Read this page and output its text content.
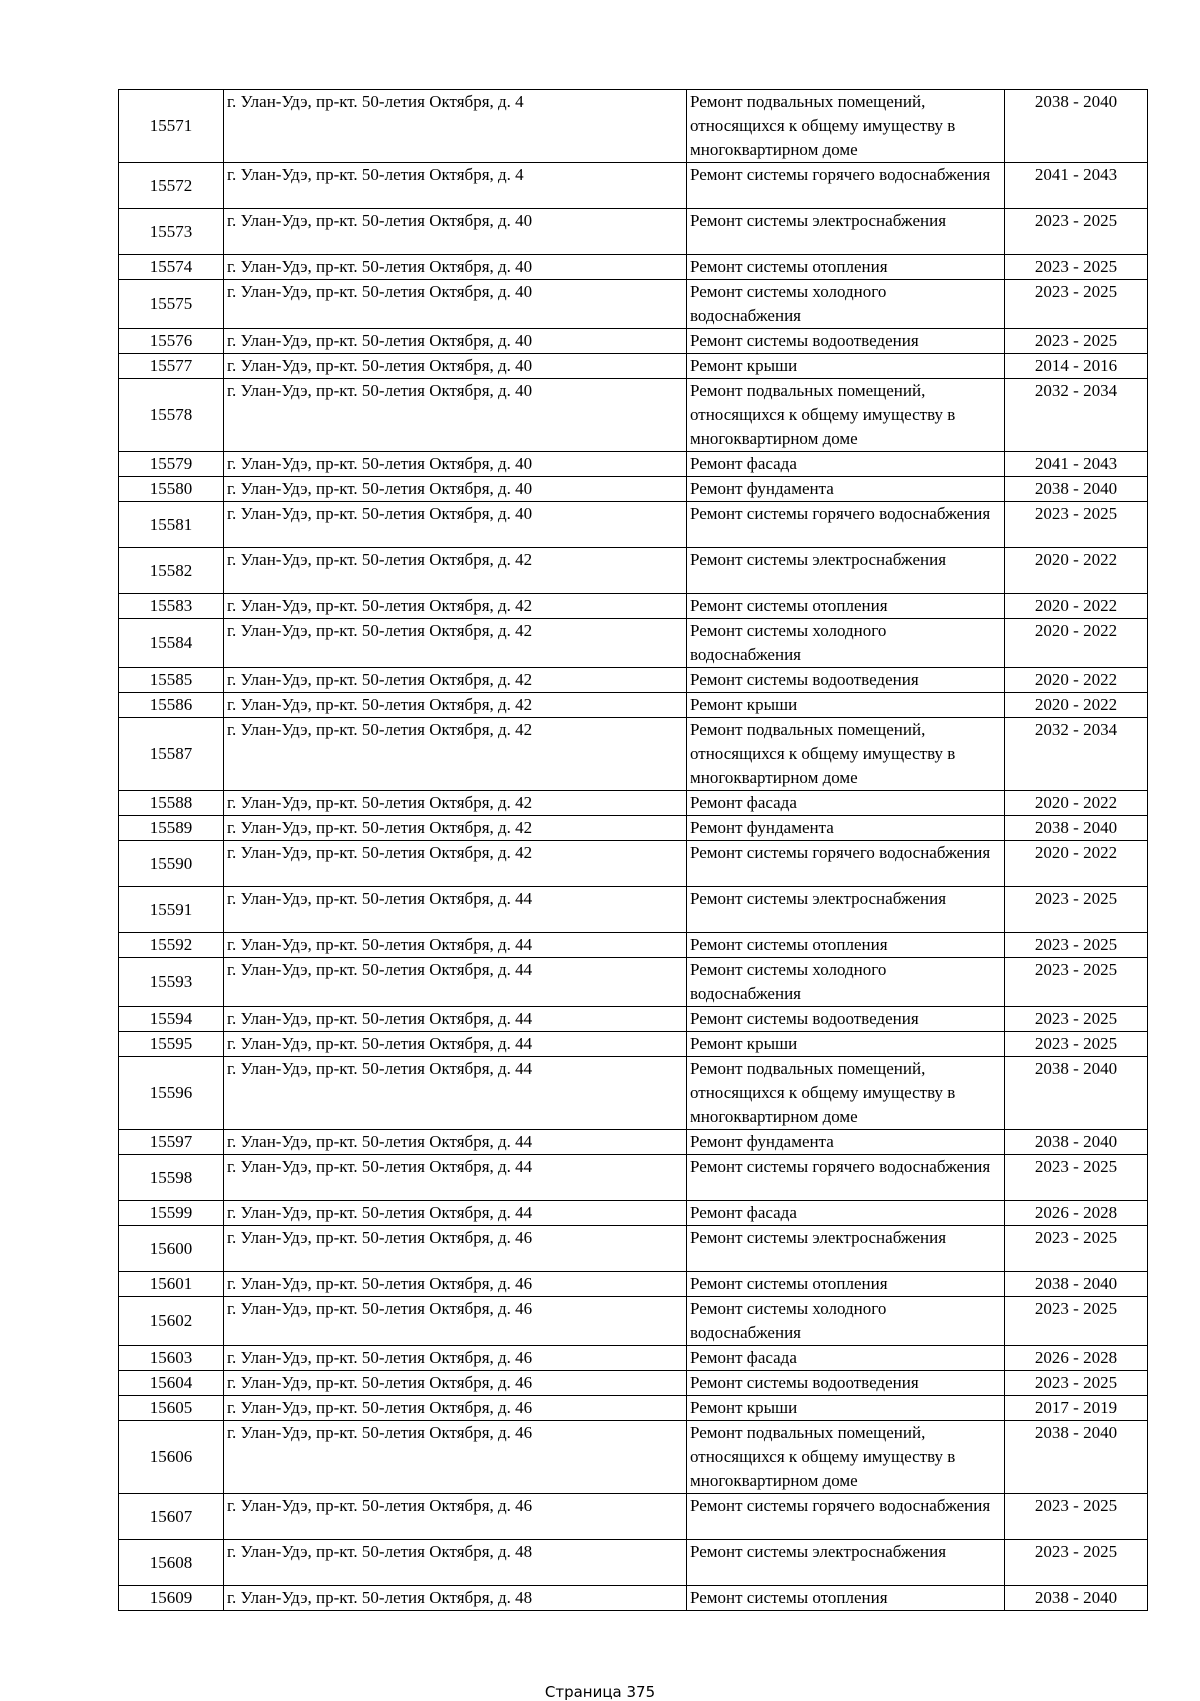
15571	г. Улан-Удэ, пр-кт. 50-летия Октября, д. 4	Ремонт подвальных помещений, относящихся к общему имуществу в многоквартирном доме	2038 - 2040
15572	г. Улан-Удэ, пр-кт. 50-летия Октября, д. 4	Ремонт системы горячего водоснабжения	2041 - 2043
15573	г. Улан-Удэ, пр-кт. 50-летия Октября, д. 40	Ремонт системы электроснабжения	2023 - 2025
15574	г. Улан-Удэ, пр-кт. 50-летия Октября, д. 40	Ремонт системы отопления	2023 - 2025
15575	г. Улан-Удэ, пр-кт. 50-летия Октября, д. 40	Ремонт системы холодного водоснабжения	2023 - 2025
15576	г. Улан-Удэ, пр-кт. 50-летия Октября, д. 40	Ремонт системы водоотведения	2023 - 2025
15577	г. Улан-Удэ, пр-кт. 50-летия Октября, д. 40	Ремонт крыши	2014 - 2016
15578	г. Улан-Удэ, пр-кт. 50-летия Октября, д. 40	Ремонт подвальных помещений, относящихся к общему имуществу в многоквартирном доме	2032 - 2034
15579	г. Улан-Удэ, пр-кт. 50-летия Октября, д. 40	Ремонт фасада	2041 - 2043
15580	г. Улан-Удэ, пр-кт. 50-летия Октября, д. 40	Ремонт фундамента	2038 - 2040
15581	г. Улан-Удэ, пр-кт. 50-летия Октября, д. 40	Ремонт системы горячего водоснабжения	2023 - 2025
15582	г. Улан-Удэ, пр-кт. 50-летия Октября, д. 42	Ремонт системы электроснабжения	2020 - 2022
15583	г. Улан-Удэ, пр-кт. 50-летия Октября, д. 42	Ремонт системы отопления	2020 - 2022
15584	г. Улан-Удэ, пр-кт. 50-летия Октября, д. 42	Ремонт системы холодного водоснабжения	2020 - 2022
15585	г. Улан-Удэ, пр-кт. 50-летия Октября, д. 42	Ремонт системы водоотведения	2020 - 2022
15586	г. Улан-Удэ, пр-кт. 50-летия Октября, д. 42	Ремонт крыши	2020 - 2022
15587	г. Улан-Удэ, пр-кт. 50-летия Октября, д. 42	Ремонт подвальных помещений, относящихся к общему имуществу в многоквартирном доме	2032 - 2034
15588	г. Улан-Удэ, пр-кт. 50-летия Октября, д. 42	Ремонт фасада	2020 - 2022
15589	г. Улан-Удэ, пр-кт. 50-летия Октября, д. 42	Ремонт фундамента	2038 - 2040
15590	г. Улан-Удэ, пр-кт. 50-летия Октября, д. 42	Ремонт системы горячего водоснабжения	2020 - 2022
15591	г. Улан-Удэ, пр-кт. 50-летия Октября, д. 44	Ремонт системы электроснабжения	2023 - 2025
15592	г. Улан-Удэ, пр-кт. 50-летия Октября, д. 44	Ремонт системы отопления	2023 - 2025
15593	г. Улан-Удэ, пр-кт. 50-летия Октября, д. 44	Ремонт системы холодного водоснабжения	2023 - 2025
15594	г. Улан-Удэ, пр-кт. 50-летия Октября, д. 44	Ремонт системы водоотведения	2023 - 2025
15595	г. Улан-Удэ, пр-кт. 50-летия Октября, д. 44	Ремонт крыши	2023 - 2025
15596	г. Улан-Удэ, пр-кт. 50-летия Октября, д. 44	Ремонт подвальных помещений, относящихся к общему имуществу в многоквартирном доме	2038 - 2040
15597	г. Улан-Удэ, пр-кт. 50-летия Октября, д. 44	Ремонт фундамента	2038 - 2040
15598	г. Улан-Удэ, пр-кт. 50-летия Октября, д. 44	Ремонт системы горячего водоснабжения	2023 - 2025
15599	г. Улан-Удэ, пр-кт. 50-летия Октября, д. 44	Ремонт фасада	2026 - 2028
15600	г. Улан-Удэ, пр-кт. 50-летия Октября, д. 46	Ремонт системы электроснабжения	2023 - 2025
15601	г. Улан-Удэ, пр-кт. 50-летия Октября, д. 46	Ремонт системы отопления	2038 - 2040
15602	г. Улан-Удэ, пр-кт. 50-летия Октября, д. 46	Ремонт системы холодного водоснабжения	2023 - 2025
15603	г. Улан-Удэ, пр-кт. 50-летия Октября, д. 46	Ремонт фасада	2026 - 2028
15604	г. Улан-Удэ, пр-кт. 50-летия Октября, д. 46	Ремонт системы водоотведения	2023 - 2025
15605	г. Улан-Удэ, пр-кт. 50-летия Октября, д. 46	Ремонт крыши	2017 - 2019
15606	г. Улан-Удэ, пр-кт. 50-летия Октября, д. 46	Ремонт подвальных помещений, относящихся к общему имуществу в многоквартирном доме	2038 - 2040
15607	г. Улан-Удэ, пр-кт. 50-летия Октября, д. 46	Ремонт системы горячего водоснабжения	2023 - 2025
15608	г. Улан-Удэ, пр-кт. 50-летия Октября, д. 48	Ремонт системы электроснабжения	2023 - 2025
15609	г. Улан-Удэ, пр-кт. 50-летия Октября, д. 48	Ремонт системы отопления	2038 - 2040
Страница 375
